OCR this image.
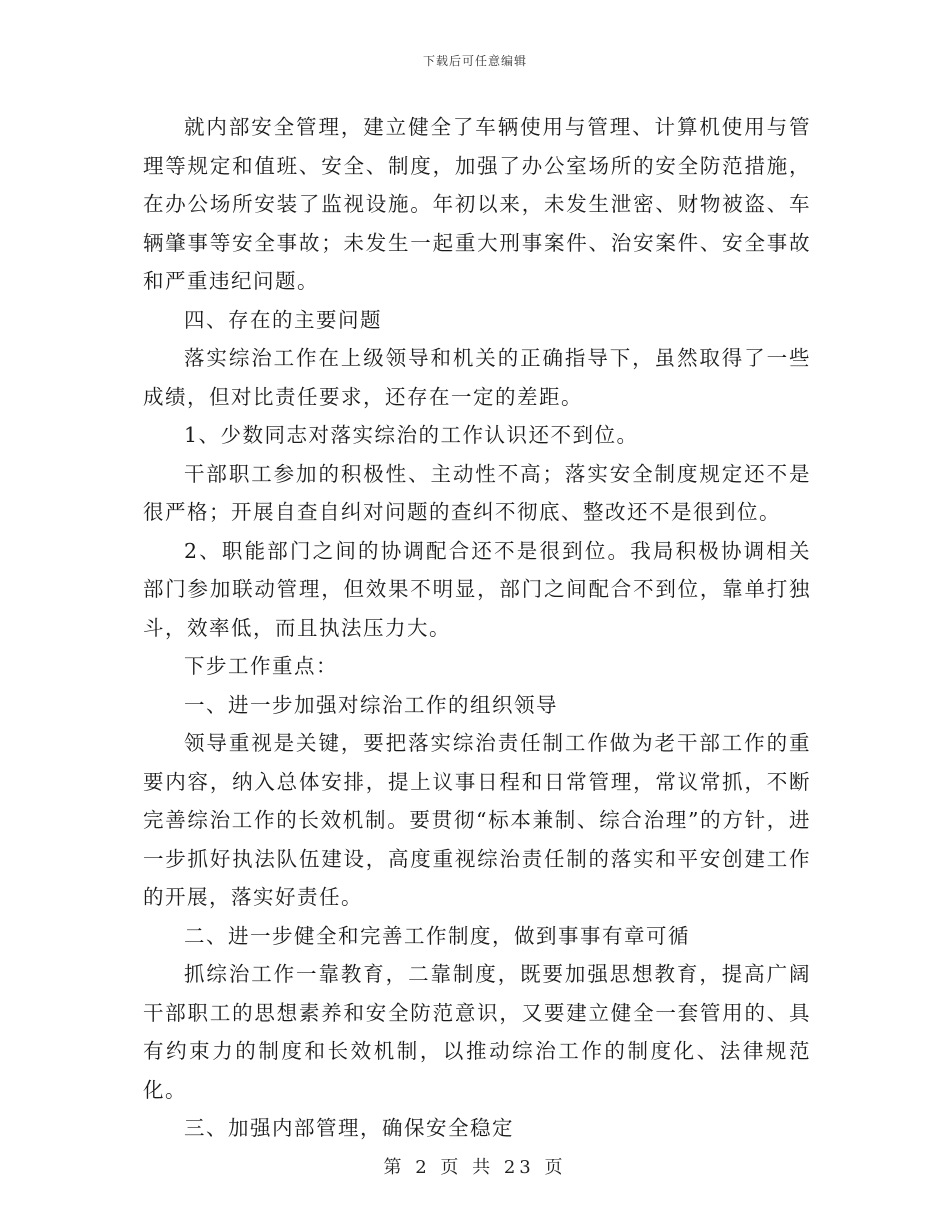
下载后可任意编辑

就内部安全管理，建立健全了车辆使用与管理、计算机使用与管理等规定和值班、安全、制度，加强了办公室场所的安全防范措施，在办公场所安装了监视设施。年初以来，未发生泄密、财物被盗、车辆肇事等安全事故；未发生一起重大刑事案件、治安案件、安全事故和严重违纪问题。

四、存在的主要问题

落实综治工作在上级领导和机关的正确指导下，虽然取得了一些成绩，但对比责任要求，还存在一定的差距。

1、少数同志对落实综治的工作认识还不到位。

干部职工参加的积极性、主动性不高；落实安全制度规定还不是很严格；开展自查自纠对问题的查纠不彻底、整改还不是很到位。

2、职能部门之间的协调配合还不是很到位。我局积极协调相关部门参加联动管理，但效果不明显，部门之间配合不到位，靠单打独斗，效率低，而且执法压力大。

下步工作重点：

一、进一步加强对综治工作的组织领导

领导重视是关键，要把落实综治责任制工作做为老干部工作的重要内容，纳入总体安排，提上议事日程和日常管理，常议常抓，不断完善综治工作的长效机制。要贯彻“标本兼制、综合治理”的方针，进一步抓好执法队伍建设，高度重视综治责任制的落实和平安创建工作的开展，落实好责任。

二、进一步健全和完善工作制度，做到事事有章可循

抓综治工作一靠教育，二靠制度，既要加强思想教育，提高广阔干部职工的思想素养和安全防范意识，又要建立健全一套管用的、具有约束力的制度和长效机制，以推动综治工作的制度化、法律规范化。

三、加强内部管理，确保安全稳定

第 2 页 共 23 页
